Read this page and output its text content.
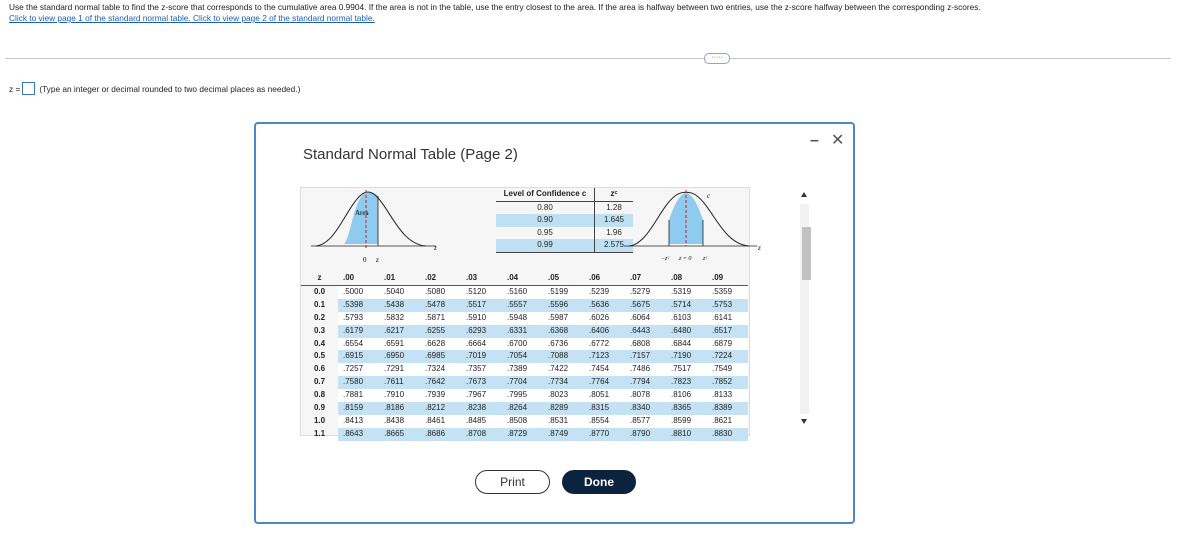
Use the standard normal table to find the z-score that corresponds to the cumulative area 0.9904. If the area is not in the table, use the entry closest to the area. If the area is halfway between two entries, use the z-score halfway between the corresponding z-scores.
Click to view page 1 of the standard normal table. Click to view page 2 of the standard normal table.
·····
z = (Type an integer or decimal rounded to two decimal places as needed.)
Standard Normal Table (Page 2)
– ✕
Area
0 z
z
Level of Confidence c	zᶜ
0.80	1.28
0.90	1.645
0.95	1.96
0.99	2.575
c
−zᶜ z = 0 zᶜ
z
z	.00	.01	.02	.03	.04	.05	.06	.07	.08	.09
0.0	.5000	.5040	.5080	.5120	.5160	.5199	.5239	.5279	.5319	.5359
0.1	.5398	.5438	.5478	.5517	.5557	.5596	.5636	.5675	.5714	.5753
0.2	.5793	.5832	.5871	.5910	.5948	.5987	.6026	.6064	.6103	.6141
0.3	.6179	.6217	.6255	.6293	.6331	.6368	.6406	.6443	.6480	.6517
0.4	.6554	.6591	.6628	.6664	.6700	.6736	.6772	.6808	.6844	.6879
0.5	.6915	.6950	.6985	.7019	.7054	.7088	.7123	.7157	.7190	.7224
0.6	.7257	.7291	.7324	.7357	.7389	.7422	.7454	.7486	.7517	.7549
0.7	.7580	.7611	.7642	.7673	.7704	.7734	.7764	.7794	.7823	.7852
0.8	.7881	.7910	.7939	.7967	.7995	.8023	.8051	.8078	.8106	.8133
0.9	.8159	.8186	.8212	.8238	.8264	.8289	.8315	.8340	.8365	.8389
1.0	.8413	.8438	.8461	.8485	.8508	.8531	.8554	.8577	.8599	.8621
1.1	.8643	.8665	.8686	.8708	.8729	.8749	.8770	.8790	.8810	.8830
Print	Done
